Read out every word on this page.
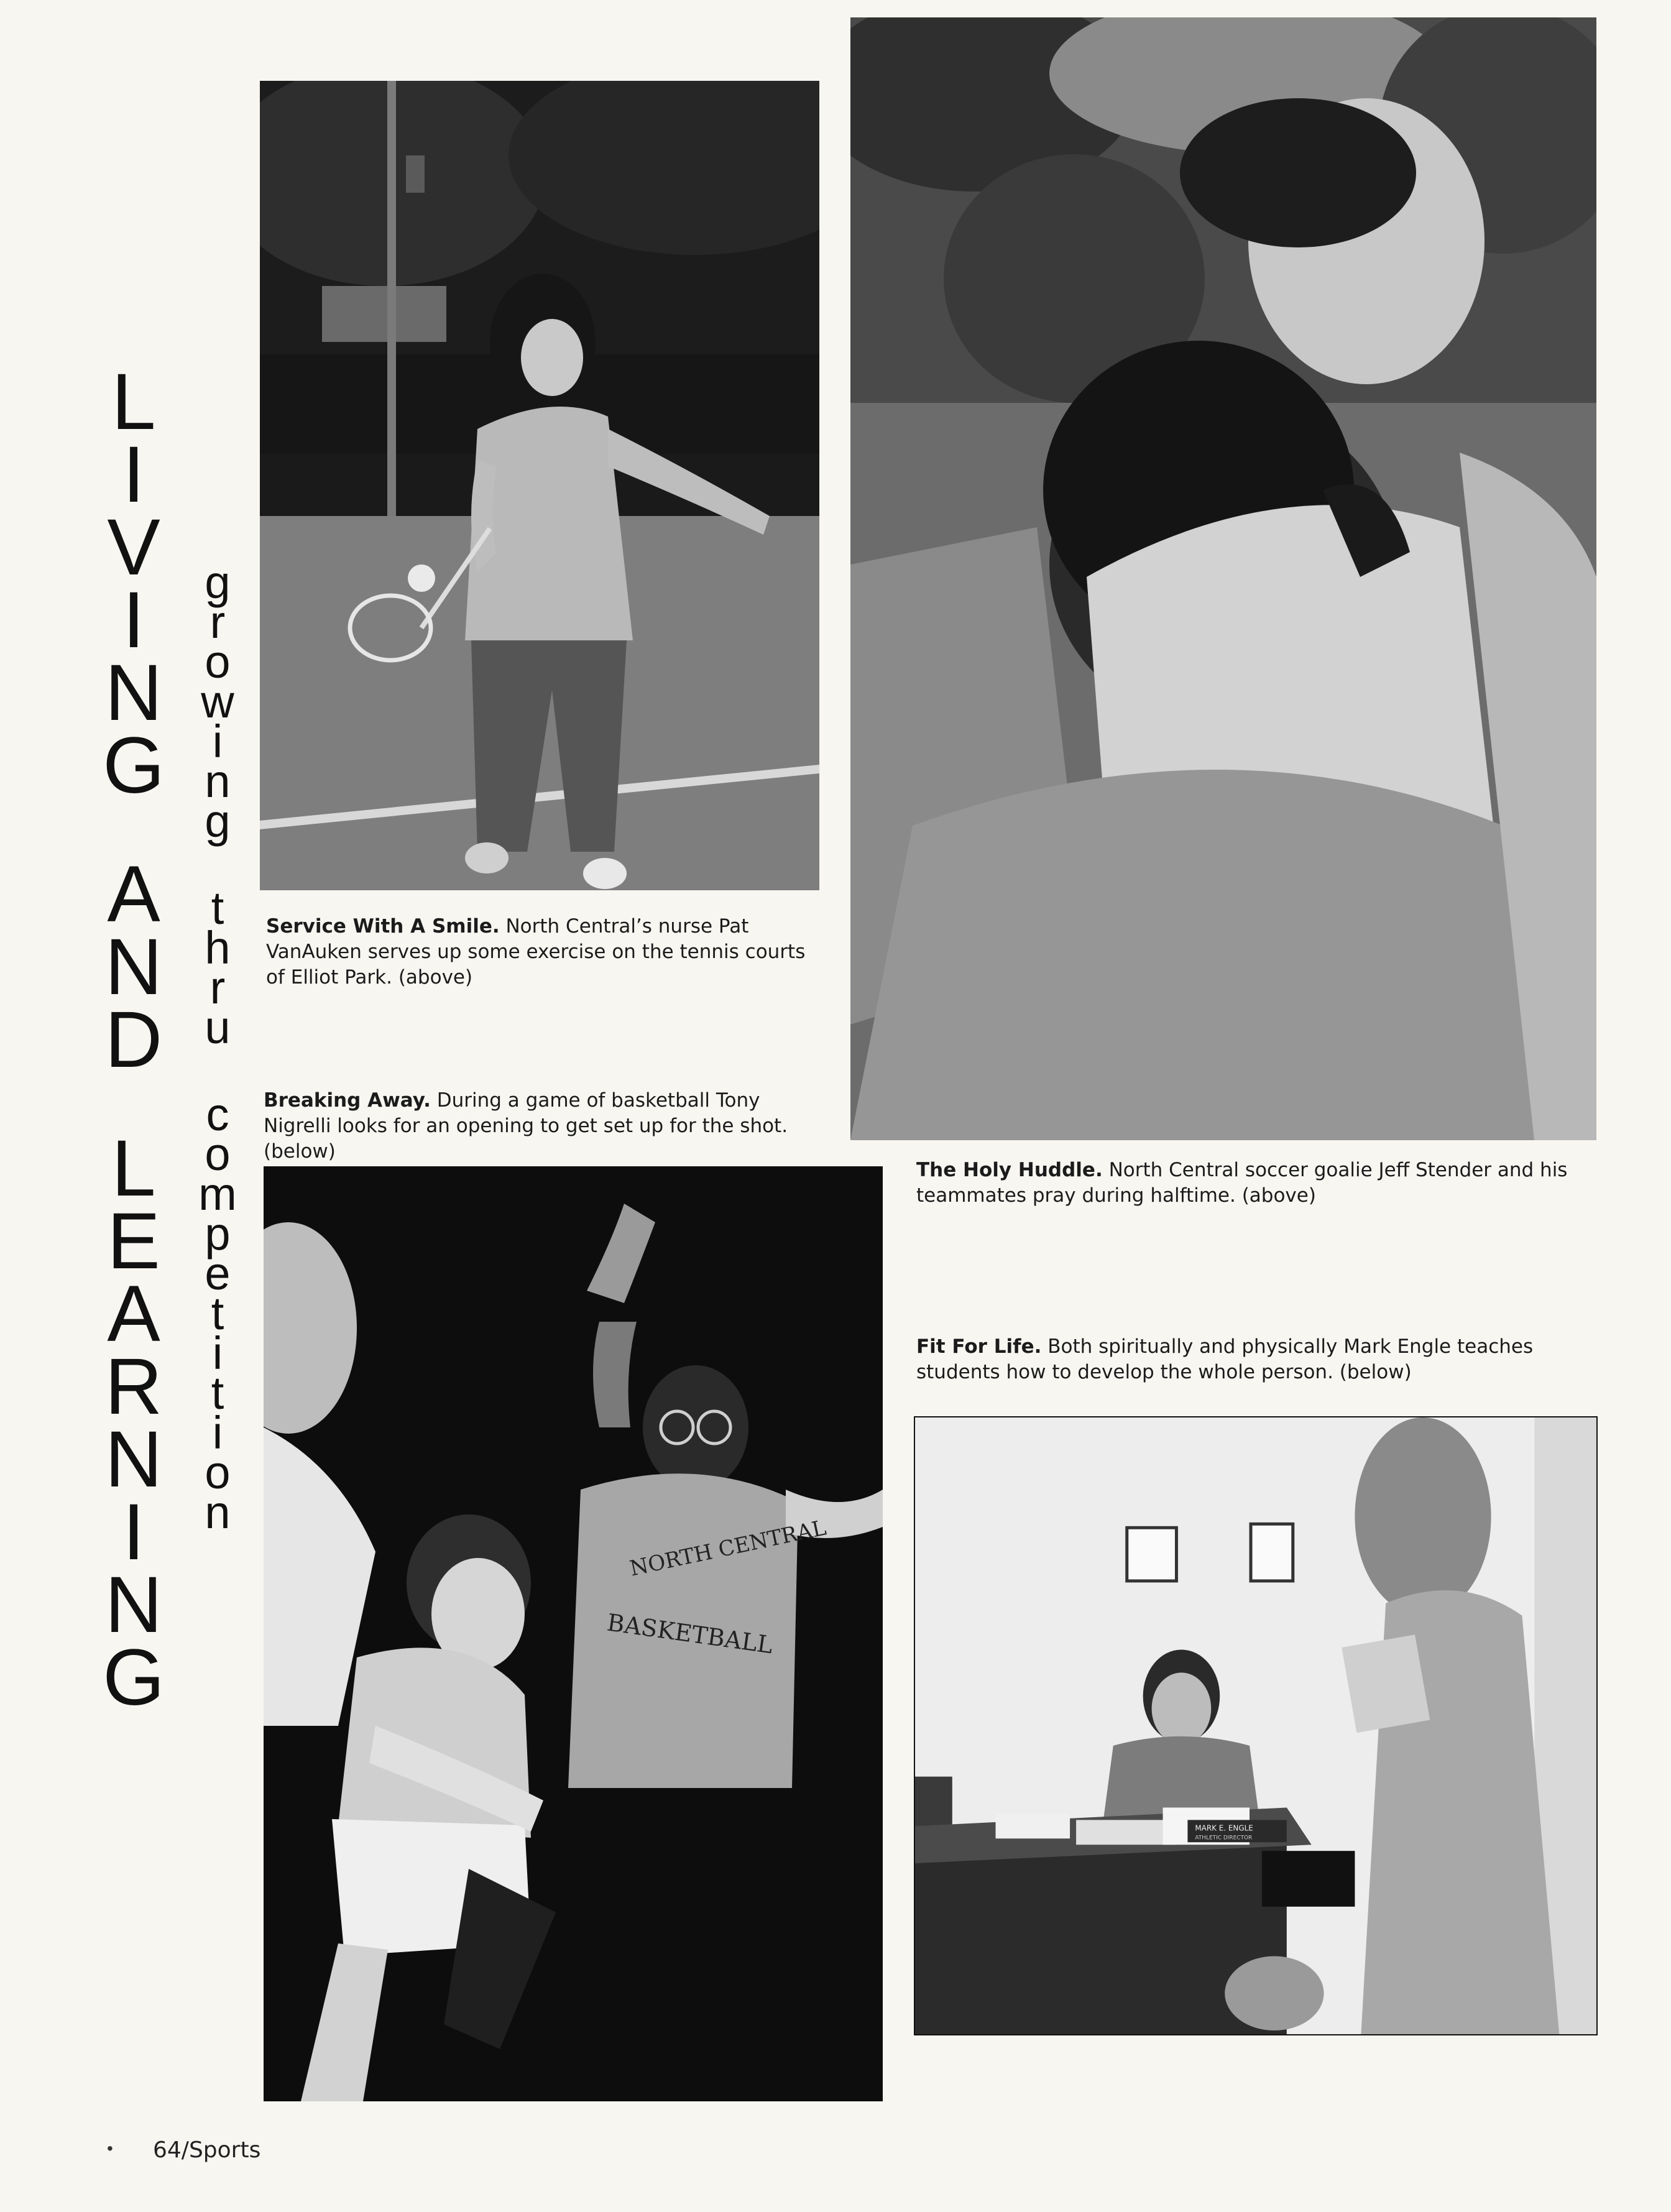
L
I
V
I
N
G
A
N
D
L
E
A
R
N
I
N
G
g
r
o
w
i
n
g
t
h
r
u
c
o
m
p
e
t
i
t
i
o
n
NORTH CENTRAL
BASKETBALL
MARK E. ENGLE
ATHLETIC DIRECTOR
Service With A Smile. North Central’s nurse Pat VanAuken serves up some exercise on the tennis courts of Elliot Park. (above)
Breaking Away. During a game of basketball Tony Nigrelli looks for an opening to get set up for the shot. (below)
The Holy Huddle. North Central soccer goalie Jeff Stender and his teammates pray during halftime. (above)
Fit For Life. Both spiritually and physically Mark Engle teaches students how to develop the whole person. (below)
• 64/Sports
